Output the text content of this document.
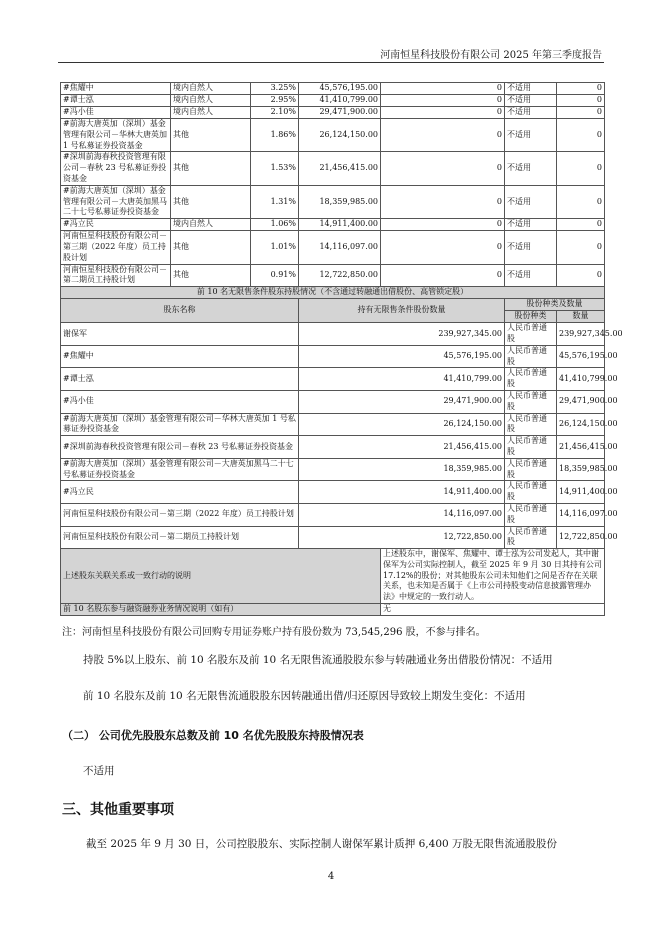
河南恒星科技股份有限公司 2025 年第三季度报告
#焦耀中	境内自然人	3.25%	45,576,195.00	0	不适用	0
#谭士泓	境内自然人	2.95%	41,410,799.00	0	不适用	0
#冯小佳	境内自然人	2.10%	29,471,900.00	0	不适用	0
#前海大唐英加（深圳）基金管理有限公司－华林大唐英加 1 号私募证券投资基金	其他	1.86%	26,124,150.00	0	不适用	0
#深圳前海春秋投资管理有限公司－春秋 23 号私募证券投资基金	其他	1.53%	21,456,415.00	0	不适用	0
#前海大唐英加（深圳）基金管理有限公司－大唐英加黑马二十七号私募证券投资基金	其他	1.31%	18,359,985.00	0	不适用	0
#冯立民	境内自然人	1.06%	14,911,400.00	0	不适用	0
河南恒星科技股份有限公司－第三期（2022 年度）员工持股计划	其他	1.01%	14,116,097.00	0	不适用	0
河南恒星科技股份有限公司－第二期员工持股计划	其他	0.91%	12,722,850.00	0	不适用	0
前 10 名无限售条件股东持股情况（不含通过转融通出借股份、高管锁定股）						
股东名称			持有无限售条件股份数量		股份种类及数量	
					股份种类	数量
谢保军			239,927,345.00		人民币普通股	239,927,345.00
#焦耀中			45,576,195.00		人民币普通股	45,576,195.00
#谭士泓			41,410,799.00		人民币普通股	41,410,799.00
#冯小佳			29,471,900.00		人民币普通股	29,471,900.00
#前海大唐英加（深圳）基金管理有限公司－华林大唐英加 1 号私募证券投资基金			26,124,150.00		人民币普通股	26,124,150.00
#深圳前海春秋投资管理有限公司－春秋 23 号私募证券投资基金			21,456,415.00		人民币普通股	21,456,415.00
#前海大唐英加（深圳）基金管理有限公司－大唐英加黑马二十七号私募证券投资基金			18,359,985.00		人民币普通股	18,359,985.00
#冯立民			14,911,400.00		人民币普通股	14,911,400.00
河南恒星科技股份有限公司－第三期（2022 年度）员工持股计划			14,116,097.00		人民币普通股	14,116,097.00
河南恒星科技股份有限公司－第二期员工持股计划			12,722,850.00		人民币普通股	12,722,850.00
上述股东关联关系或一致行动的说明				上述股东中，谢保军、焦耀中、谭士泓为公司发起人，其中谢保军为公司实际控制人，截至 2025 年 9 月 30 日其持有公司 17.12%的股份；对其他股东公司未知他们之间是否存在关联关系，也未知是否属于《上市公司持股变动信息披露管理办法》中规定的一致行动人。		
前 10 名股东参与融资融券业务情况说明（如有）				无		

注：河南恒星科技股份有限公司回购专用证券账户持有股份数为 73,545,296 股，不参与排名。

持股 5%以上股东、前 10 名股东及前 10 名无限售流通股股东参与转融通业务出借股份情况：不适用

前 10 名股东及前 10 名无限售流通股股东因转融通出借/归还原因导致较上期发生变化：不适用

（二） 公司优先股股东总数及前 10 名优先股股东持股情况表

不适用

三、其他重要事项

截至 2025 年 9 月 30 日，公司控股股东、实际控制人谢保军累计质押 6,400 万股无限售流通股股份

4
